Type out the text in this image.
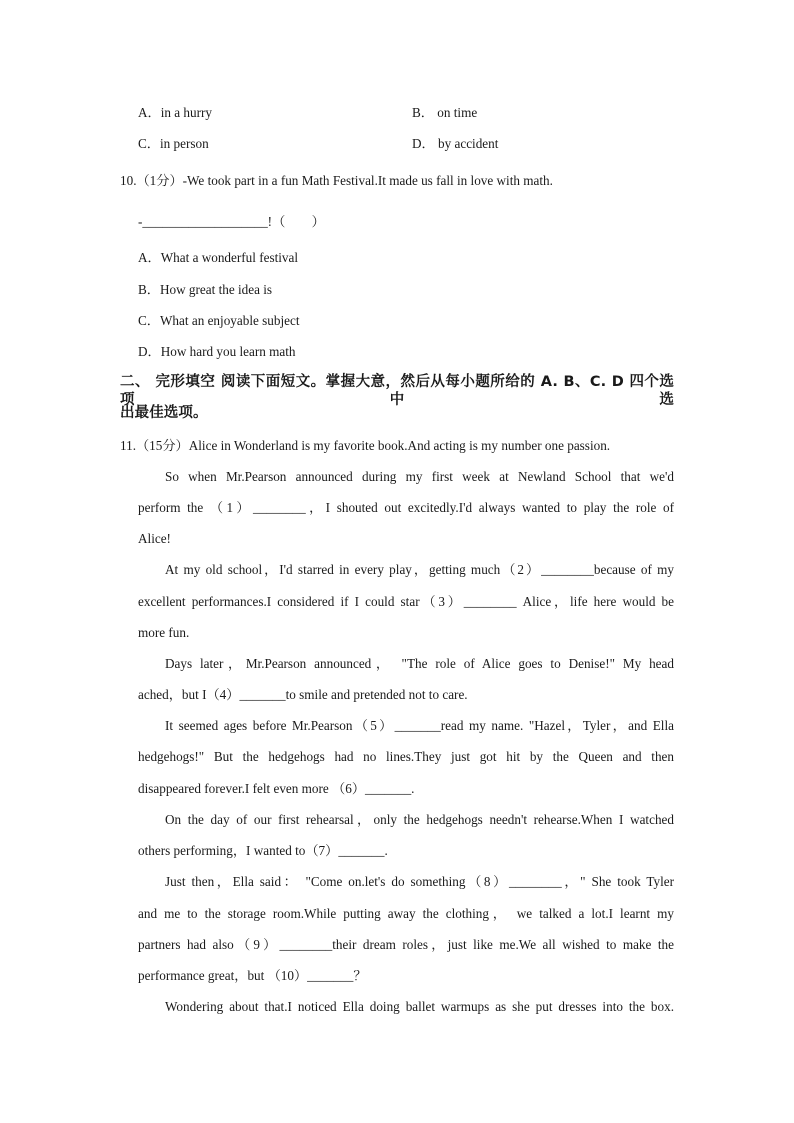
A．in a hurry	B． on time
C．in person	D． by accident
10.（1分）-We took part in a fun Math Festival.It made us fall in love with math.
-___________________!（　　）
A．What a wonderful festival
B．How great the idea is
C．What an enjoyable subject
D．How hard you learn math
二、 完形填空 阅读下面短文。掌握大意，然后从每小题所给的 A. B、C. D 四个选项中选
出最佳选项。
11.（15分）Alice in Wonderland is my favorite book.And acting is my number one passion.
So when Mr.Pearson announced during my first week at Newland School that we'd
perform the （1）________，I shouted out excitedly.I'd always wanted to play the role of
Alice!
At my old school，I'd starred in every play，getting much（2）________because of my
excellent performances.I considered if I could star（3）________ Alice，life here would be
more fun.
Days later，Mr.Pearson announced， "The role of Alice goes to Denise!" My head
ached，but I（4）_______to smile and pretended not to care.
It seemed ages before Mr.Pearson（5）_______read my name. "Hazel，Tyler，and Ella
hedgehogs!" But the hedgehogs had no lines.They just got hit by the Queen and then
disappeared forever.I felt even more （6）_______.
On the day of our first rehearsal，only the hedgehogs needn't rehearse.When I watched
others performing，I wanted to（7）_______.
Just then，Ella said： "Come on.let's do something（8）________，" She took Tyler
and me to the storage room.While putting away the clothing， we talked a lot.I learnt my
partners had also（9）________their dream roles，just like me.We all wished to make the
performance great，but （10）_______？
Wondering about that.I noticed Ella doing ballet warmups as she put dresses into the box.
